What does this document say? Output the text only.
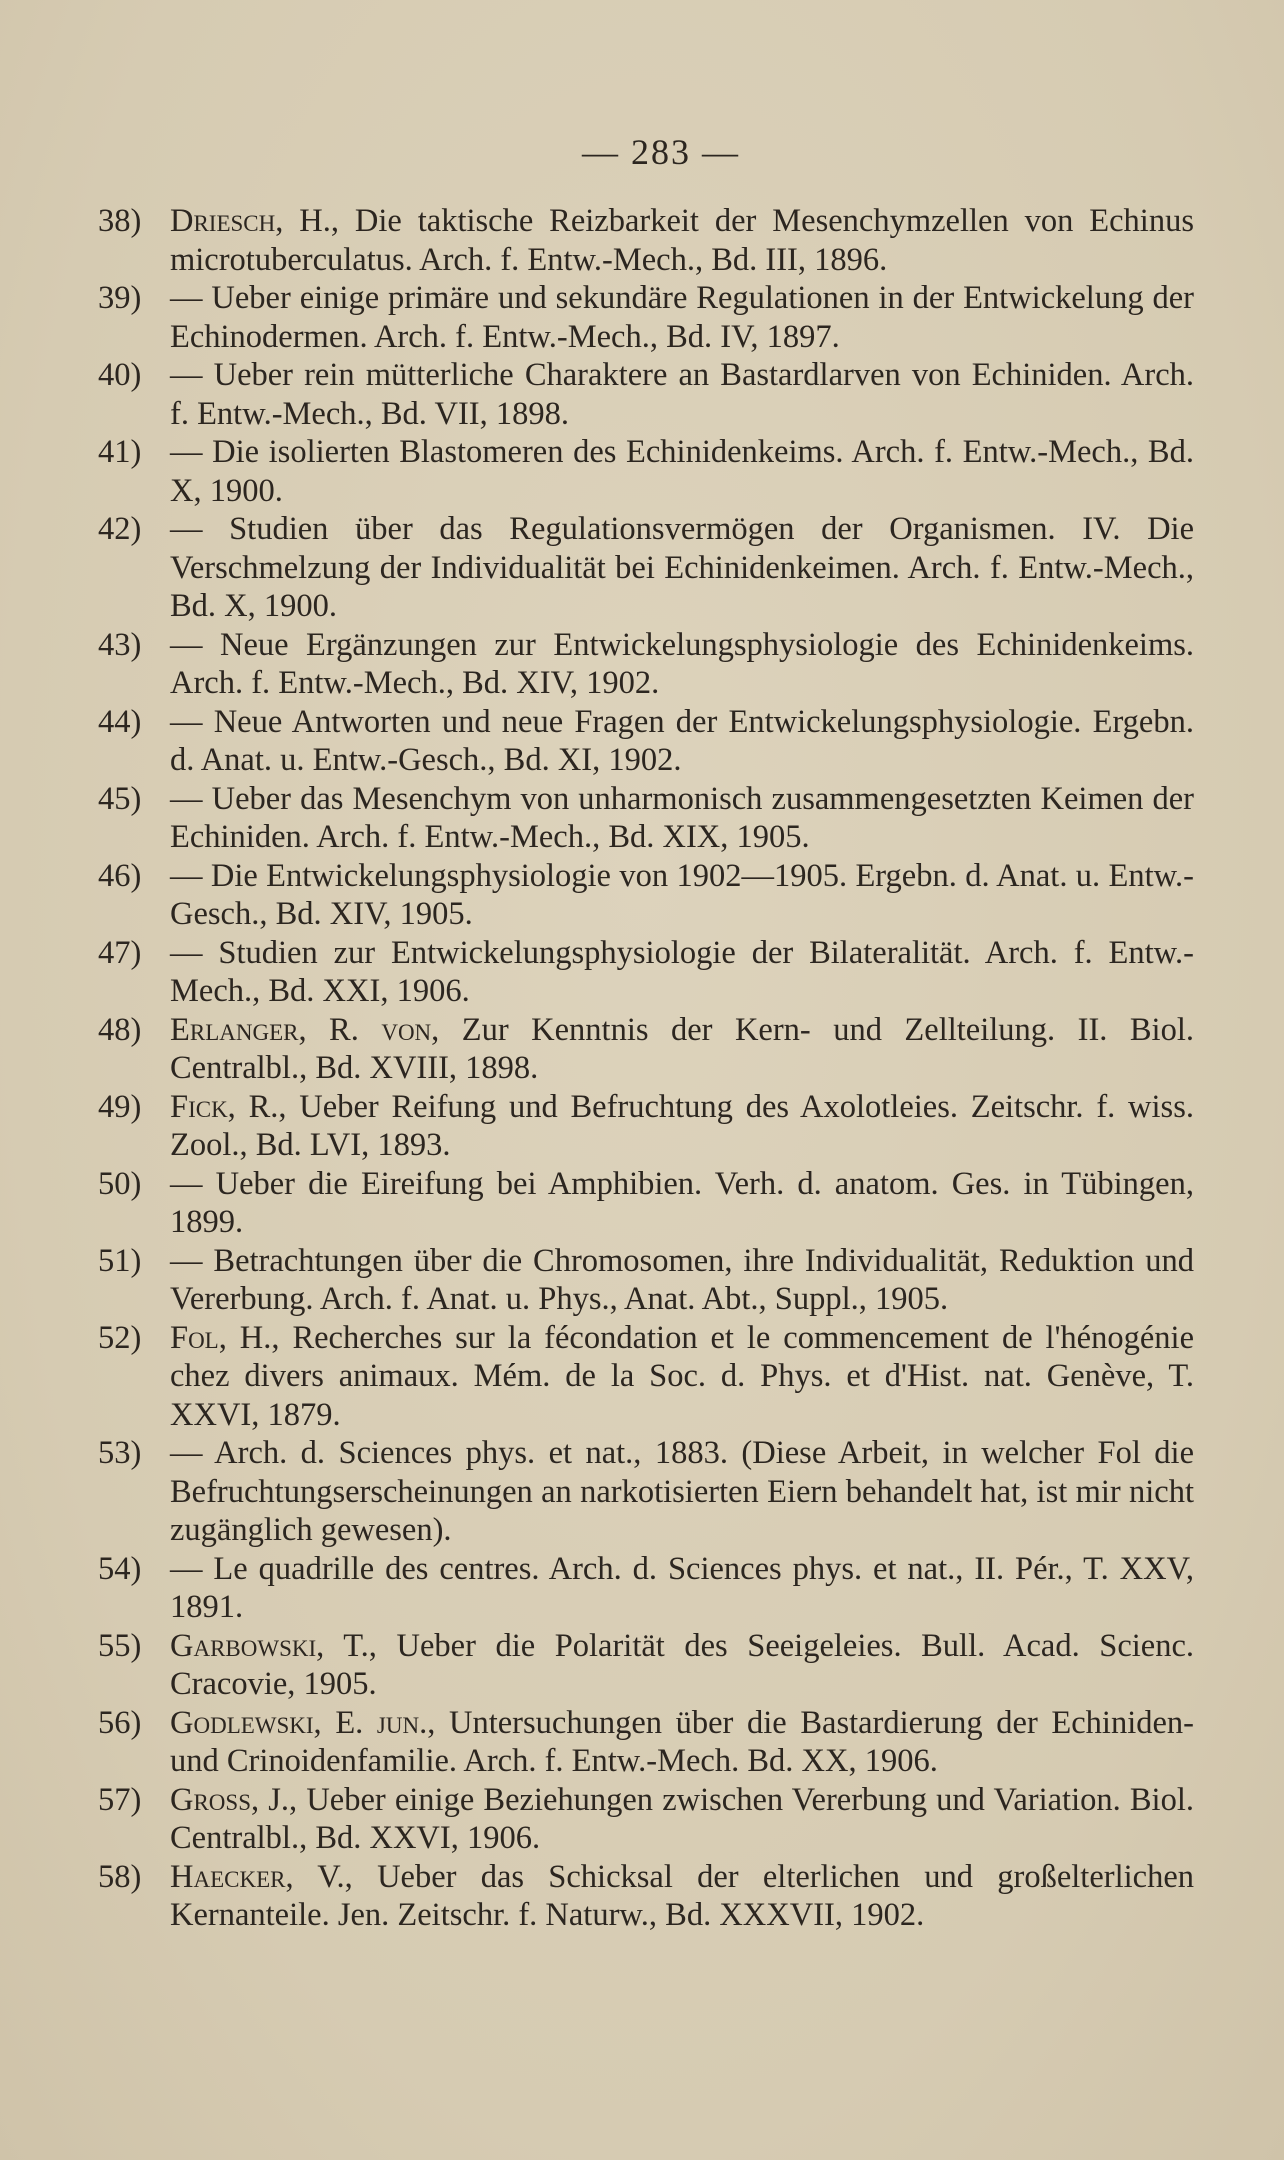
— 283 —
38) Driesch, H., Die taktische Reizbarkeit der Mesenchymzellen von Echinus microtuberculatus. Arch. f. Entw.-Mech., Bd. III, 1896.
39) — Ueber einige primäre und sekundäre Regulationen in der Entwickelung der Echinodermen. Arch. f. Entw.-Mech., Bd. IV, 1897.
40) — Ueber rein mütterliche Charaktere an Bastardlarven von Echiniden. Arch. f. Entw.-Mech., Bd. VII, 1898.
41) — Die isolierten Blastomeren des Echinidenkeims. Arch. f. Entw.-Mech., Bd. X, 1900.
42) — Studien über das Regulationsvermögen der Organismen. IV. Die Verschmelzung der Individualität bei Echinidenkeimen. Arch. f. Entw.-Mech., Bd. X, 1900.
43) — Neue Ergänzungen zur Entwickelungsphysiologie des Echinidenkeims. Arch. f. Entw.-Mech., Bd. XIV, 1902.
44) — Neue Antworten und neue Fragen der Entwickelungsphysiologie. Ergebn. d. Anat. u. Entw.-Gesch., Bd. XI, 1902.
45) — Ueber das Mesenchym von unharmonisch zusammengesetzten Keimen der Echiniden. Arch. f. Entw.-Mech., Bd. XIX, 1905.
46) — Die Entwickelungsphysiologie von 1902—1905. Ergebn. d. Anat. u. Entw.-Gesch., Bd. XIV, 1905.
47) — Studien zur Entwickelungsphysiologie der Bilateralität. Arch. f. Entw.-Mech., Bd. XXI, 1906.
48) Erlanger, R. von, Zur Kenntnis der Kern- und Zellteilung. II. Biol. Centralbl., Bd. XVIII, 1898.
49) Fick, R., Ueber Reifung und Befruchtung des Axolotleies. Zeitschr. f. wiss. Zool., Bd. LVI, 1893.
50) — Ueber die Eireifung bei Amphibien. Verh. d. anatom. Ges. in Tübingen, 1899.
51) — Betrachtungen über die Chromosomen, ihre Individualität, Reduktion und Vererbung. Arch. f. Anat. u. Phys., Anat. Abt., Suppl., 1905.
52) Fol, H., Recherches sur la fécondation et le commencement de l'hénogénie chez divers animaux. Mém. de la Soc. d. Phys. et d'Hist. nat. Genève, T. XXVI, 1879.
53) — Arch. d. Sciences phys. et nat., 1883. (Diese Arbeit, in welcher Fol die Befruchtungserscheinungen an narkotisierten Eiern behandelt hat, ist mir nicht zugänglich gewesen).
54) — Le quadrille des centres. Arch. d. Sciences phys. et nat., II. Pér., T. XXV, 1891.
55) Garbowski, T., Ueber die Polarität des Seeigeleies. Bull. Acad. Scienc. Cracovie, 1905.
56) Godlewski, E. jun., Untersuchungen über die Bastardierung der Echiniden- und Crinoidenfamilie. Arch. f. Entw.-Mech. Bd. XX, 1906.
57) Gross, J., Ueber einige Beziehungen zwischen Vererbung und Variation. Biol. Centralbl., Bd. XXVI, 1906.
58) Haecker, V., Ueber das Schicksal der elterlichen und großelterlichen Kernanteile. Jen. Zeitschr. f. Naturw., Bd. XXXVII, 1902.
